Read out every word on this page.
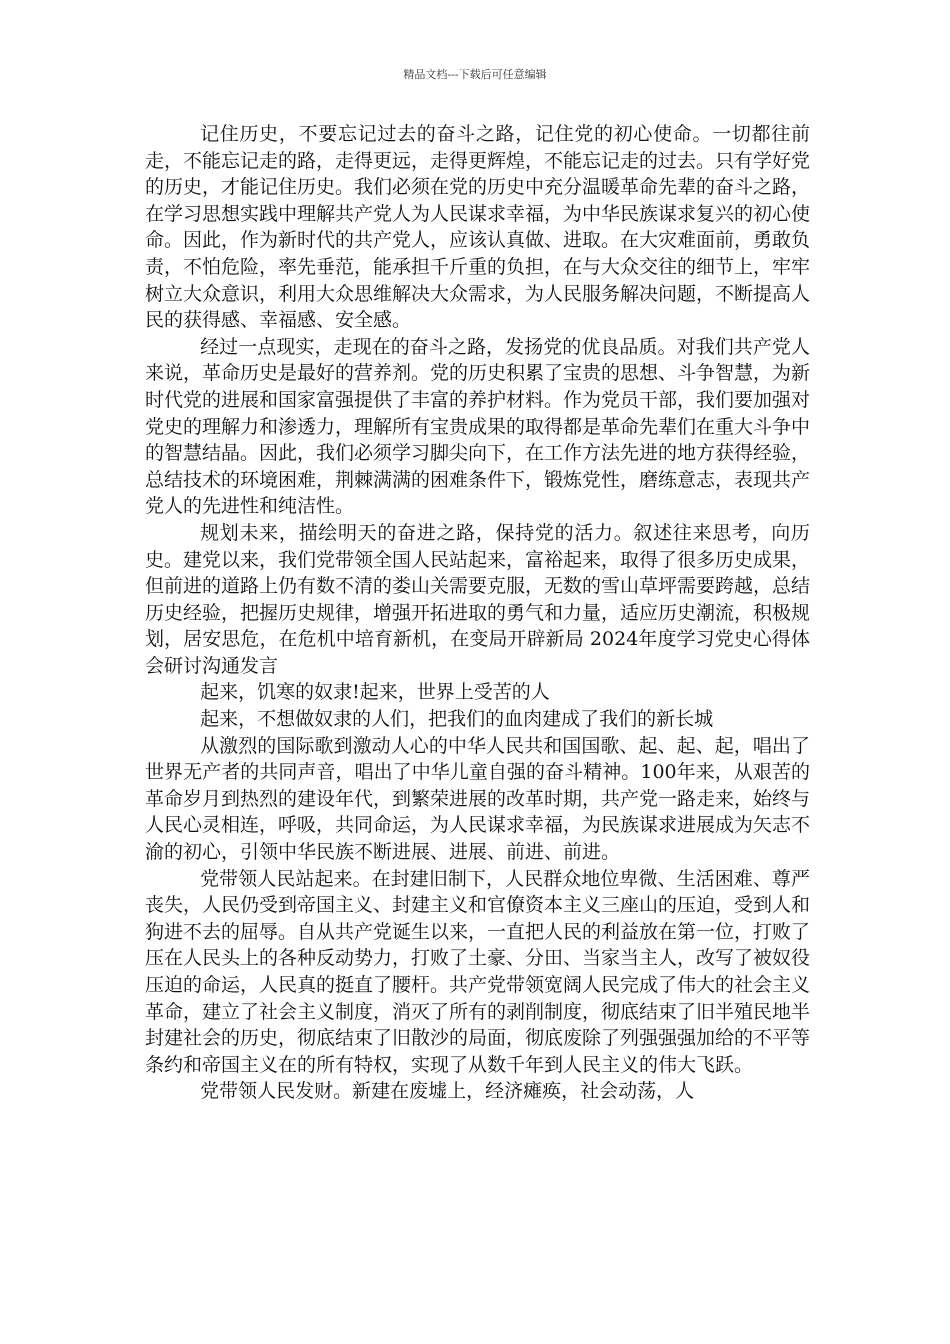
精品文档---下载后可任意编辑

记住历史，不要忘记过去的奋斗之路，记住党的初心使命。一切都往前走，不能忘记走的路，走得更远，走得更辉煌，不能忘记走的过去。只有学好党的历史，才能记住历史。我们必须在党的历史中充分温暖革命先辈的奋斗之路，在学习思想实践中理解共产党人为人民谋求幸福，为中华民族谋求复兴的初心使命。因此，作为新时代的共产党人，应该认真做、进取。在大灾难面前，勇敢负责，不怕危险，率先垂范，能承担千斤重的负担，在与大众交往的细节上，牢牢树立大众意识，利用大众思维解决大众需求，为人民服务解决问题，不断提高人民的获得感、幸福感、安全感。

经过一点现实，走现在的奋斗之路，发扬党的优良品质。对我们共产党人来说，革命历史是最好的营养剂。党的历史积累了宝贵的思想、斗争智慧，为新时代党的进展和国家富强提供了丰富的养护材料。作为党员干部，我们要加强对党史的理解力和渗透力，理解所有宝贵成果的取得都是革命先辈们在重大斗争中的智慧结晶。因此，我们必须学习脚尖向下，在工作方法先进的地方获得经验，总结技术的环境困难，荆棘满满的困难条件下，锻炼党性，磨练意志，表现共产党人的先进性和纯洁性。

规划未来，描绘明天的奋进之路，保持党的活力。叙述往来思考，向历史。建党以来，我们党带领全国人民站起来，富裕起来，取得了很多历史成果，但前进的道路上仍有数不清的娄山关需要克服，无数的雪山草坪需要跨越，总结历史经验，把握历史规律，增强开拓进取的勇气和力量，适应历史潮流，积极规划，居安思危，在危机中培育新机，在变局开辟新局 2024年度学习党史心得体会研讨沟通发言

起来，饥寒的奴隶!起来，世界上受苦的人

起来，不想做奴隶的人们，把我们的血肉建成了我们的新长城

从激烈的国际歌到激动人心的中华人民共和国国歌、起、起、起，唱出了世界无产者的共同声音，唱出了中华儿童自强的奋斗精神。100年来，从艰苦的革命岁月到热烈的建设年代，到繁荣进展的改革时期，共产党一路走来，始终与人民心灵相连，呼吸，共同命运，为人民谋求幸福，为民族谋求进展成为矢志不渝的初心，引领中华民族不断进展、进展、前进、前进。

党带领人民站起来。在封建旧制下，人民群众地位卑微、生活困难、尊严丧失，人民仍受到帝国主义、封建主义和官僚资本主义三座山的压迫，受到人和狗进不去的屈辱。自从共产党诞生以来，一直把人民的利益放在第一位，打败了压在人民头上的各种反动势力，打败了土豪、分田、当家当主人，改写了被奴役压迫的命运，人民真的挺直了腰杆。共产党带领宽阔人民完成了伟大的社会主义革命，建立了社会主义制度，消灭了所有的剥削制度，彻底结束了旧半殖民地半封建社会的历史，彻底结束了旧散沙的局面，彻底废除了列强强强加给的不平等条约和帝国主义在的所有特权，实现了从数千年到人民主义的伟大飞跃。

党带领人民发财。新建在废墟上，经济瘫痪，社会动荡，人
